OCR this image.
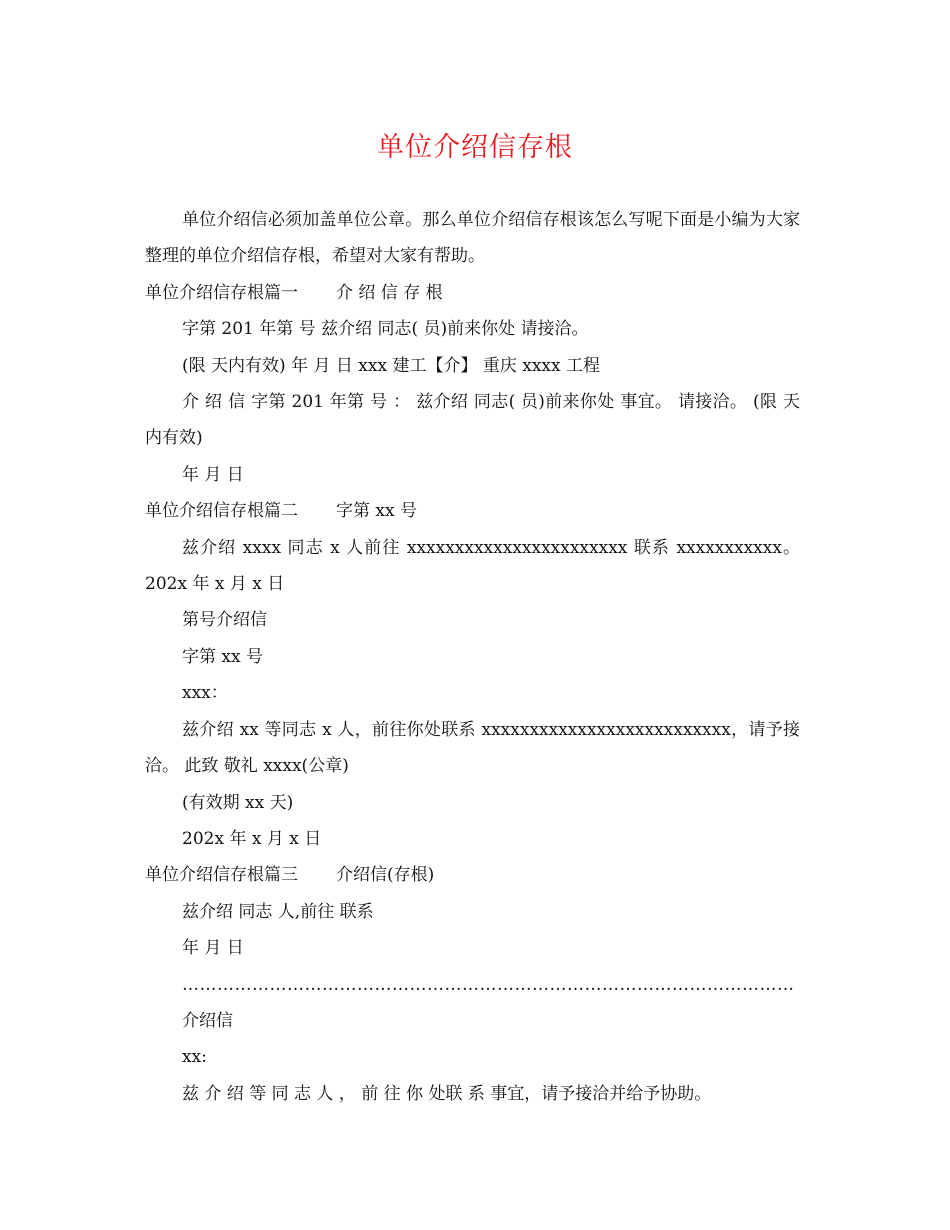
单位介绍信存根

单位介绍信必须加盖单位公章。那么单位介绍信存根该怎么写呢下面是小编为大家整理的单位介绍信存根，希望对大家有帮助。

单位介绍信存根篇一 介 绍 信 存 根

字第 201 年第 号 兹介绍 同志( 员)前来你处 请接洽。

(限 天内有效) 年 月 日 xxx 建工【介】 重庆 xxxx 工程

介 绍 信 字第 201 年第 号 ： 兹介绍 同志( 员)前来你处 事宜。 请接洽。 (限 天内有效)

年 月 日

单位介绍信存根篇二 字第 xx 号

兹介绍 xxxx 同志 x 人前往 xxxxxxxxxxxxxxxxxxxxxxx 联系 xxxxxxxxxxx。 202x 年 x 月 x 日

第号介绍信

字第 xx 号

xxx：

兹介绍 xx 等同志 x 人，前往你处联系 xxxxxxxxxxxxxxxxxxxxxxxxxx，请予接洽。 此致 敬礼 xxxx(公章)

(有效期 xx 天)

202x 年 x 月 x 日

单位介绍信存根篇三 介绍信(存根)

兹介绍 同志 人,前往 联系

年 月 日

……………………………………………………………………………………………

介绍信

xx:

兹 介 绍 等 同 志 人 ， 前 往 你 处联 系 事宜，请予接洽并给予协助。
